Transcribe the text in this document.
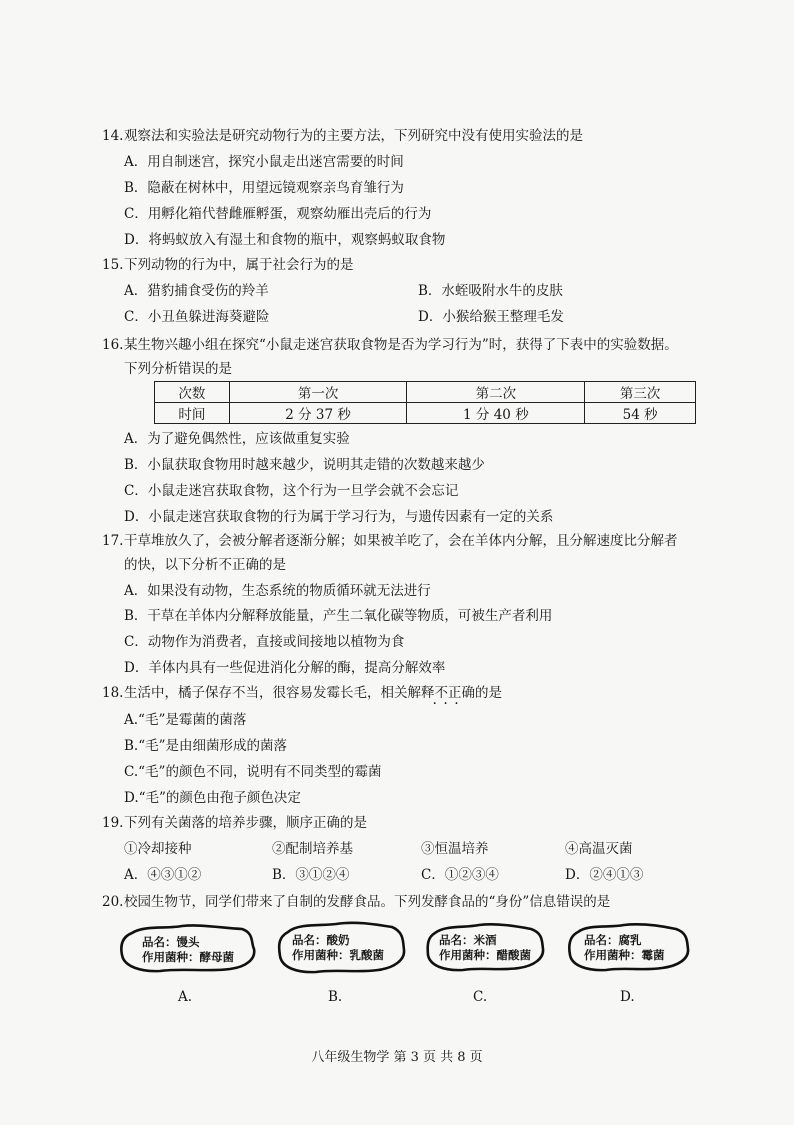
14. 观察法和实验法是研究动物行为的主要方法，下列研究中没有使用实验法的是
A．用自制迷宫，探究小鼠走出迷宫需要的时间
B．隐蔽在树林中，用望远镜观察亲鸟育雏行为
C．用孵化箱代替雌雁孵蛋，观察幼雁出壳后的行为
D．将蚂蚁放入有湿土和食物的瓶中，观察蚂蚁取食物
15. 下列动物的行为中，属于社会行为的是
A．猎豹捕食受伤的羚羊	B．水蛭吸附水牛的皮肤
C．小丑鱼躲进海葵避险	D．小猴给猴王整理毛发
16. 某生物兴趣小组在探究“小鼠走迷宫获取食物是否为学习行为”时，获得了下表中的实验数据。
下列分析错误的是
次数	第一次	第二次	第三次
时间	2 分 37 秒	1 分 40 秒	54 秒
A．为了避免偶然性，应该做重复实验
B．小鼠获取食物用时越来越少，说明其走错的次数越来越少
C．小鼠走迷宫获取食物，这个行为一旦学会就不会忘记
D．小鼠走迷宫获取食物的行为属于学习行为，与遗传因素有一定的关系
17. 干草堆放久了，会被分解者逐渐分解；如果被羊吃了，会在羊体内分解，且分解速度比分解者
的快，以下分析不正确的是
A．如果没有动物，生态系统的物质循环就无法进行
B．干草在羊体内分解释放能量，产生二氧化碳等物质，可被生产者利用
C．动物作为消费者，直接或间接地以植物为食
D．羊体内具有一些促进消化分解的酶，提高分解效率
18. 生活中，橘子保存不当，很容易发霉长毛，相关解释不正确 · · ·的是
A.“毛”是霉菌的菌落
B.“毛”是由细菌形成的菌落
C.“毛”的颜色不同，说明有不同类型的霉菌
D.“毛”的颜色由孢子颜色决定
19. 下列有关菌落的培养步骤，顺序正确的是
①冷却接种	②配制培养基	③恒温培养	④高温灭菌
A．④③①②	B．③①②④	C．①②③④	D．②④①③
20. 校园生物节，同学们带来了自制的发酵食品。下列发酵食品的“身份”信息错误的是
品名：馒头
作用菌种：酵母菌
A.
品名：酸奶
作用菌种：乳酸菌
B.
品名：米酒
作用菌种：醋酸菌
C.
品名：腐乳
作用菌种：霉菌
D.
八年级生物学 第 3 页 共 8 页
